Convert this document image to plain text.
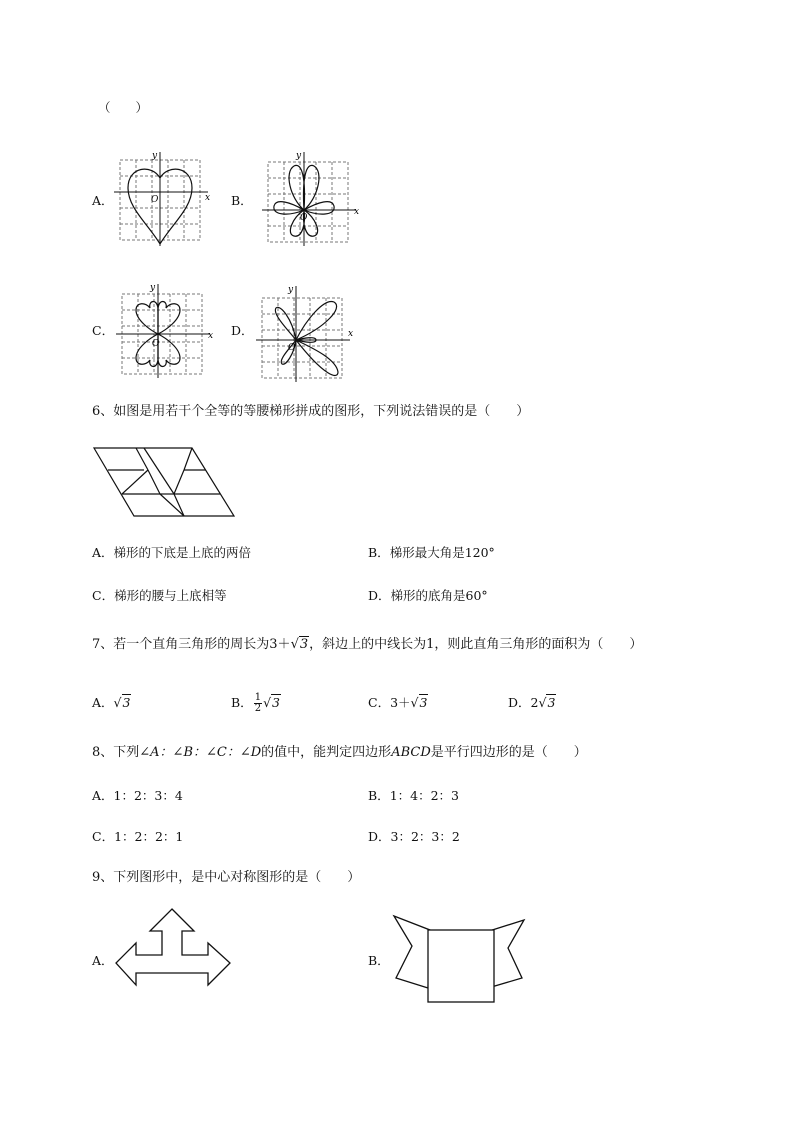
（　　）
A．	x
y
O	B．
x
y
O
C．	x
y
O
D．	x
y
O
6、如图是用若干个全等的等腰梯形拼成的图形，下列说法错误的是（　　）
A．梯形的下底是上底的两倍	B．梯形最大角是120°
C．梯形的腰与上底相等	D．梯形的底角是60°
7、若一个直角三角形的周长为3＋√3，斜边上的中线长为1，则此直角三角形的面积为（　　）
A．√3	B． $\frac{1}{2} √3$	C．3＋√3	D．2√3
8、下列∠A：∠B：∠C：∠D的值中，能判定四边形ABCD是平行四边形的是（　　）
A．1：2：3：4	B．1：4：2：3
C．1：2：2：1	D．3：2：3：2
9、下列图形中，是中心对称图形的是（　　）
A．	B．
